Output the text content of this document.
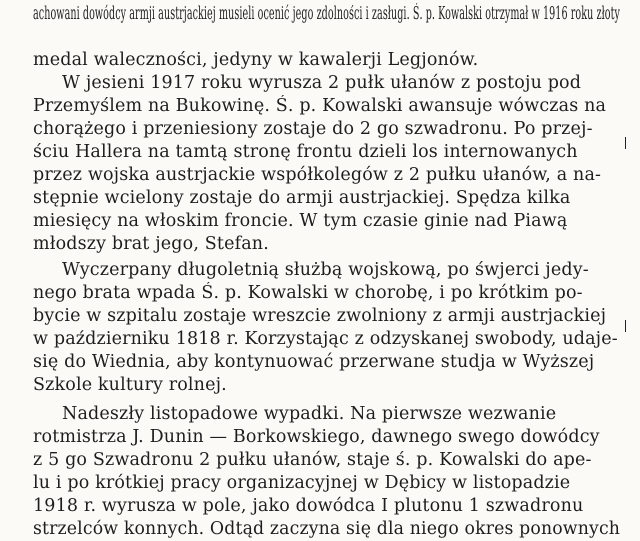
achowani dowódcy armji austrjackiej musieli ocenić jego zdolności i zasługi. Ś. p. Kowalski otrzymał w 1916 roku złoty
medal waleczności, jedyny w kawalerji Legjonów.
W jesieni 1917 roku wyrusza 2 pułk ułanów z postoju pod
Przemyślem na Bukowinę. Ś. p. Kowalski awansuje wówczas na
chorążego i przeniesiony zostaje do 2 go szwadronu. Po przej-
ściu Hallera na tamtą stronę frontu dzieli los internowanych
przez wojska austrjackie współkolegów z 2 pułku ułanów, a na-
stępnie wcielony zostaje do armji austrjackiej. Spędza kilka
miesięcy na włoskim froncie. W tym czasie ginie nad Piawą
młodszy brat jego, Stefan.
Wyczerpany długoletnią służbą wojskową, po śwjerci jedy-
nego brata wpada Ś. p. Kowalski w chorobę, i po krótkim po-
bycie w szpitalu zostaje wreszcie zwolniony z armji austrjackiej
w październiku 1818 r. Korzystając z odzyskanej swobody, udaje-
się do Wiednia, aby kontynuować przerwane studja w Wyższej
Szkole kultury rolnej.
Nadeszły listopadowe wypadki. Na pierwsze wezwanie
rotmistrza J. Dunin — Borkowskiego, dawnego swego dowódcy
z 5 go Szwadronu 2 pułku ułanów, staje ś. p. Kowalski do ape-
lu i po krótkiej pracy organizacyjnej w Dębicy w listopadzie
1918 r. wyrusza w pole, jako dowódca I plutonu 1 szwadronu
strzelców konnych. Odtąd zaczyna się dla niego okres ponownych
